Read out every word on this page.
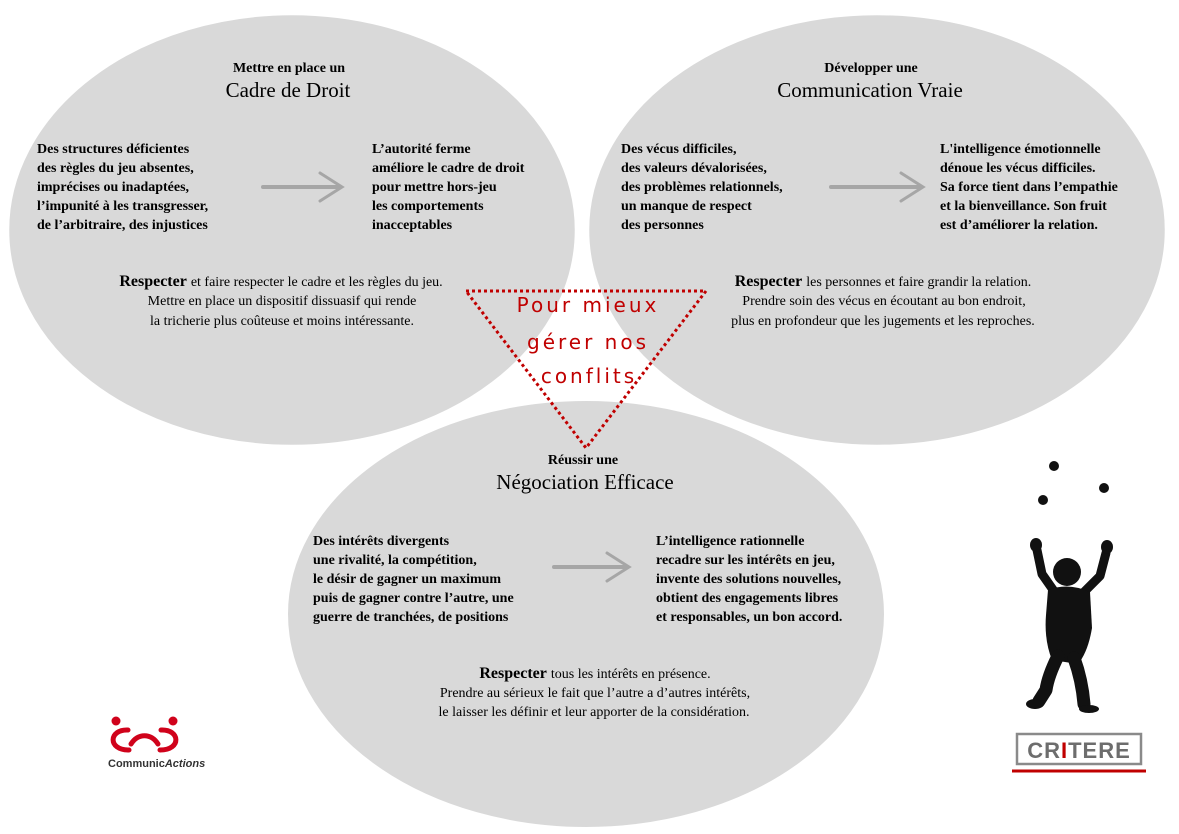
Réussir une
Négociation Efficace
Des intérêts divergents
une rivalité, la compétition,
le désir de gagner un maximum
puis de gagner contre l’autre, une
guerre de tranchées, de positions
L’intelligence rationnelle
recadre sur les intérêts en jeu,
invente des solutions nouvelles,
obtient des engagements libres
et responsables, un bon accord.
Respecter tous les intérêts en présence.
Prendre au sérieux le fait que l’autre a d’autres intérêts,
le laisser les définir et leur apporter de la considération.
Mettre en place un
Cadre de Droit
Des structures déficientes
des règles du jeu absentes,
imprécises ou inadaptées,
l’impunité à les transgresser,
de l’arbitraire, des injustices
L’autorité ferme
améliore le cadre de droit
pour mettre hors-jeu
les comportements
inacceptables
Respecter et faire respecter le cadre et les règles du jeu.
Mettre en place un dispositif dissuasif qui rende
la tricherie plus coûteuse et moins intéressante.
Développer une
Communication Vraie
Des vécus difficiles,
des valeurs dévalorisées,
des problèmes relationnels,
un manque de respect
des personnes
L'intelligence émotionnelle
dénoue les vécus difficiles.
Sa force tient dans l’empathie
et la bienveillance. Son fruit
est d’améliorer la relation.
Respecter les personnes et faire grandir la relation.
Prendre soin des vécus en écoutant au bon endroit,
plus en profondeur que les jugements et les reproches.
Pour mieux
gérer nos
conflits
CommunicActions
CRITERE
